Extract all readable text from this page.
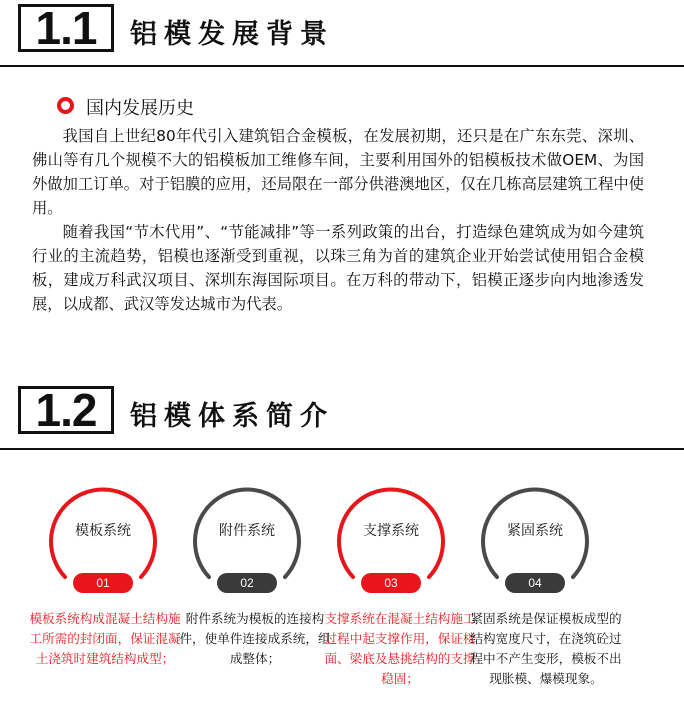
1.1 铝模发展背景
国内发展历史

我国自上世纪80年代引入建筑铝合金模板，在发展初期，还只是在广东东莞、深圳、佛山等有几个规模不大的铝模板加工维修车间，主要利用国外的铝模板技术做OEM、为国外做加工订单。对于铝膜的应用，还局限在一部分供港澳地区，仅在几栋高层建筑工程中使用。

随着我国“节木代用”、“节能减排”等一系列政策的出台，打造绿色建筑成为如今建筑行业的主流趋势，铝模也逐渐受到重视，以珠三角为首的建筑企业开始尝试使用铝合金模板，建成万科武汉项目、深圳东海国际项目。在万科的带动下，铝模正逐步向内地渗透发展，以成都、武汉等发达城市为代表。

1.2 铝模体系简介
模板系统
01
附件系统
02
支撑系统
03
紧固系统
04
模板系统构成混凝土结构施工所需的封闭面，保证混凝土浇筑时建筑结构成型；
附件系统为模板的连接构件，使单件连接成系统，组成整体；
支撑系统在混凝土结构施工过程中起支撑作用，保证楼面、梁底及悬挑结构的支撑稳固；
紧固系统是保证模板成型的结构宽度尺寸，在浇筑砼过程中不产生变形，模板不出现胀模、爆模现象。
